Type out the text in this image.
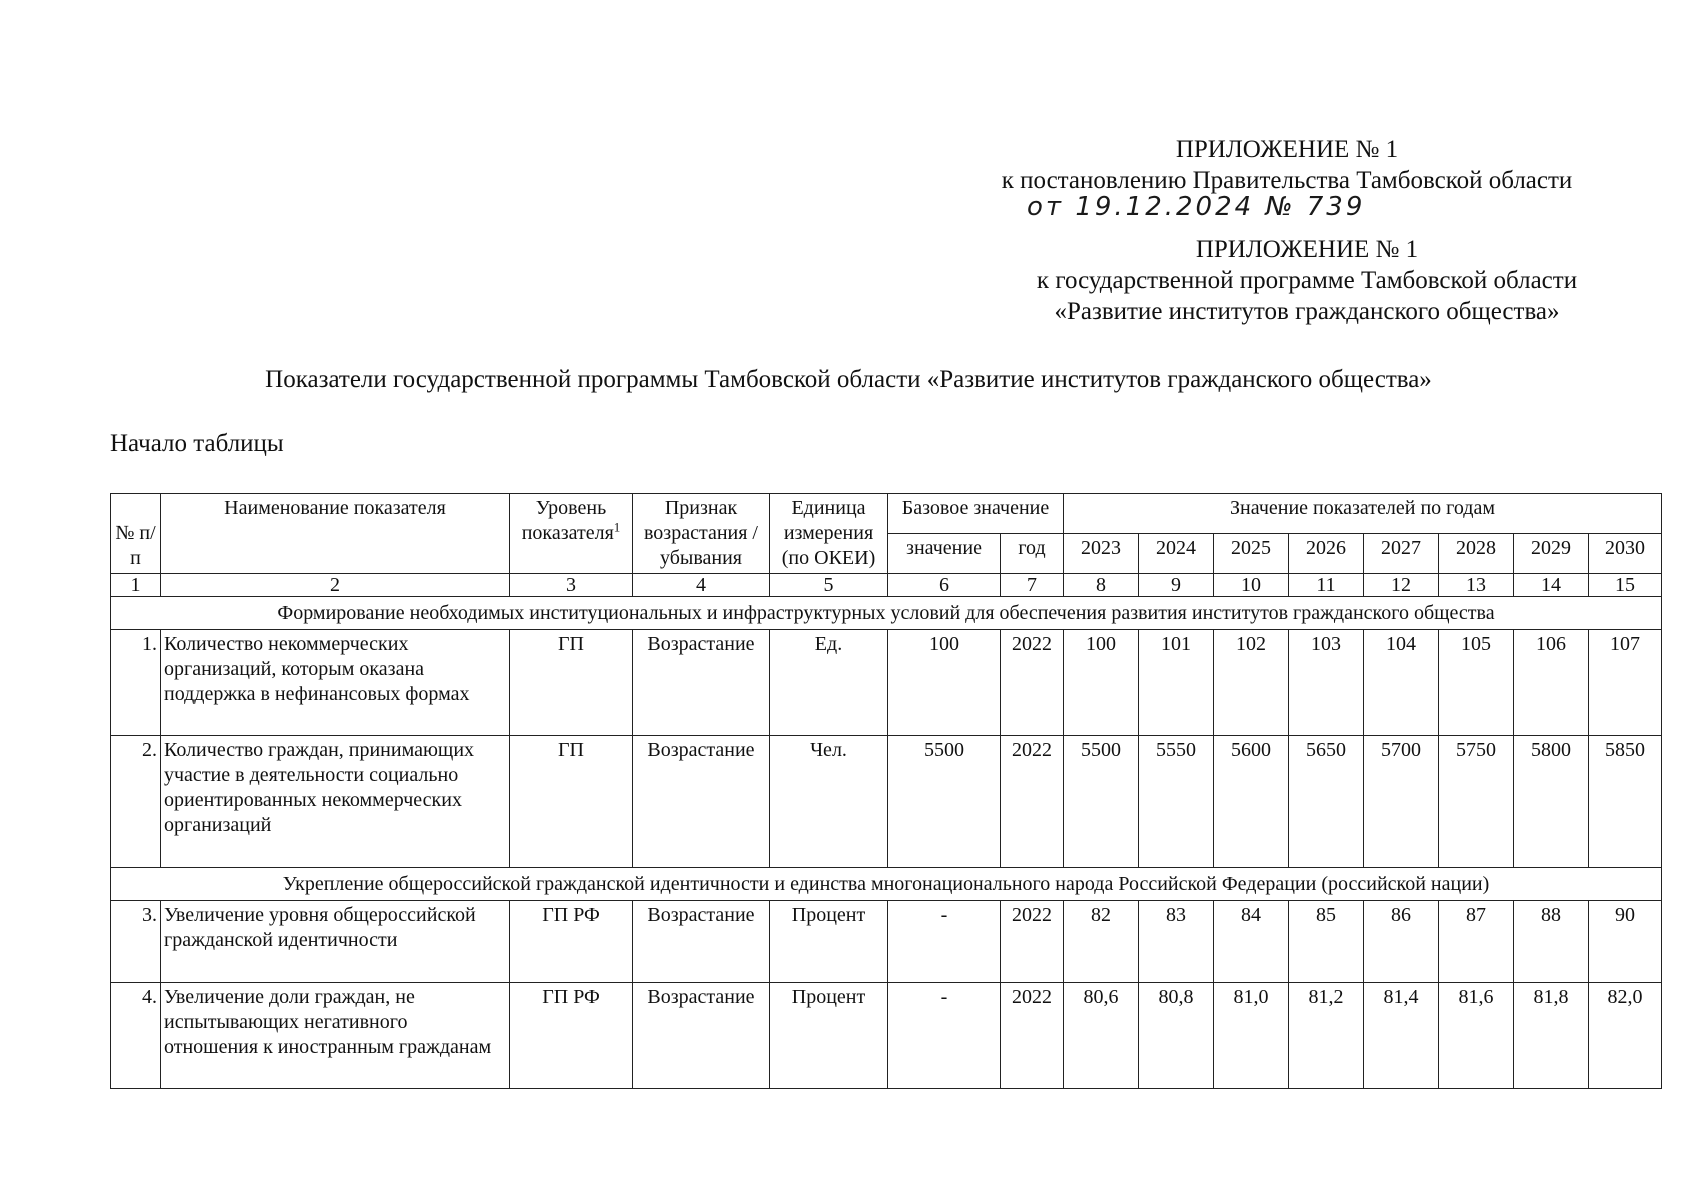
ПРИЛОЖЕНИЕ № 1
к постановлению Правительства Тамбовской области
от 19.12.2024 № 739
ПРИЛОЖЕНИЕ № 1
к государственной программе Тамбовской области
«Развитие институтов гражданского общества»
Показатели государственной программы Тамбовской области «Развитие институтов гражданского общества»
Начало таблицы
№ п/п	Наименование показателя	Уровень показателя$^1$	Признак возрастания / убывания	Единица измерения (по ОКЕИ)	Базовое значение		Значение показателей по годам							
					значение	год	2023	2024	2025	2026	2027	2028	2029	2030
1	2	3	4	5	6	7	8	9	10	11	12	13	14	15
Формирование необходимых институциональных и инфраструктурных условий для обеспечения развития институтов гражданского общества														
1.	Количество некоммерческих организаций, которым оказана поддержка в нефинансовых формах	ГП	Возрастание	Ед.	100	2022	100	101	102	103	104	105	106	107
2.	Количество граждан, принимающих участие в деятельности социально ориентированных некоммерческих организаций	ГП	Возрастание	Чел.	5500	2022	5500	5550	5600	5650	5700	5750	5800	5850
Укрепление общероссийской гражданской идентичности и единства многонационального народа Российской Федерации (российской нации)														
3.	Увеличение уровня общероссийской гражданской идентичности	ГП РФ	Возрастание	Процент	-	2022	82	83	84	85	86	87	88	90
4.	Увеличение доли граждан, не испытывающих негативного отношения к иностранным гражданам	ГП РФ	Возрастание	Процент	-	2022	80,6	80,8	81,0	81,2	81,4	81,6	81,8	82,0
